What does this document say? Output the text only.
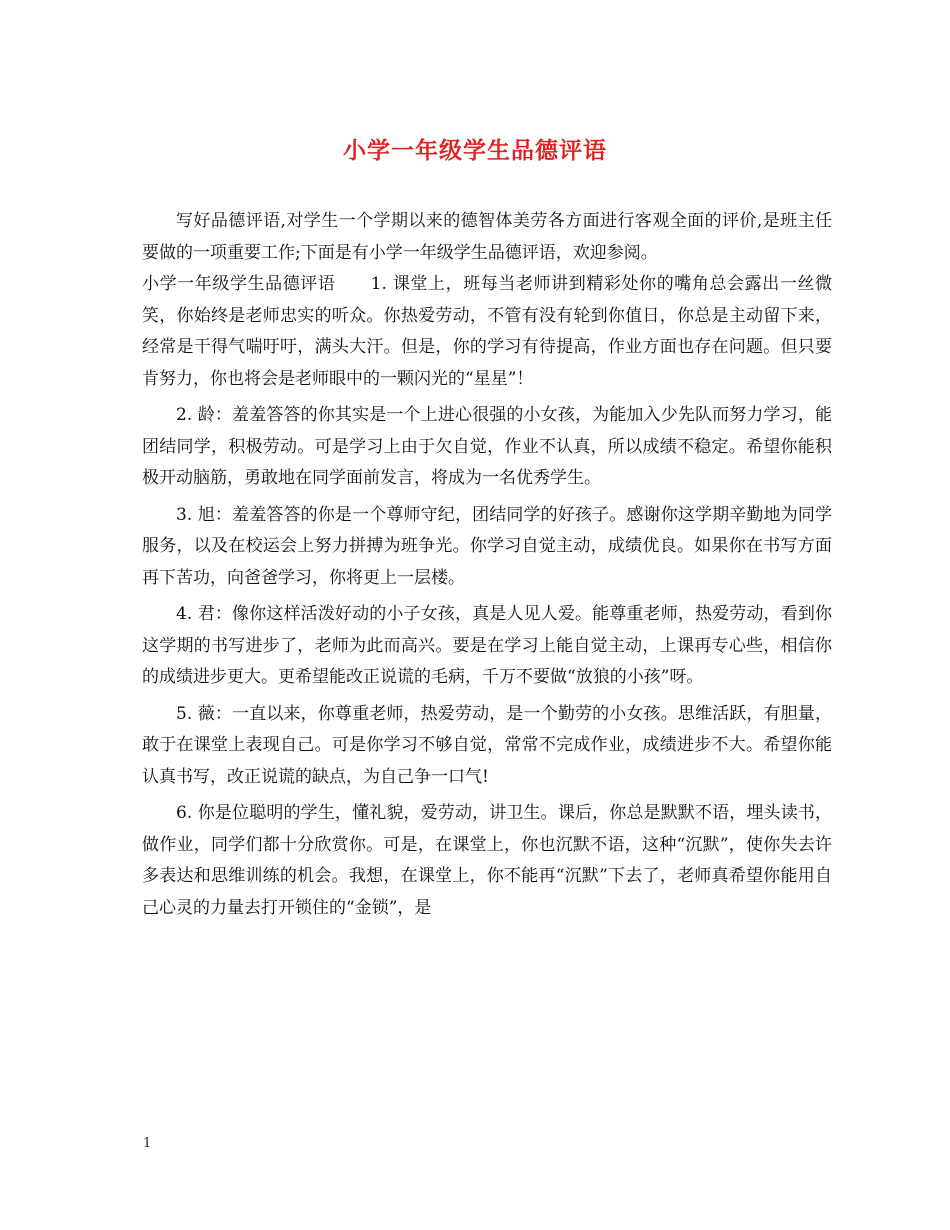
小学一年级学生品德评语

写好品德评语,对学生一个学期以来的德智体美劳各方面进行客观全面的评价,是班主任要做的一项重要工作;下面是有小学一年级学生品德评语，欢迎参阅。

小学一年级学生品德评语　　1. 课堂上，班每当老师讲到精彩处你的嘴角总会露出一丝微笑，你始终是老师忠实的听众。你热爱劳动，不管有没有轮到你值日，你总是主动留下来，经常是干得气喘吁吁，满头大汗。但是，你的学习有待提高，作业方面也存在问题。但只要肯努力，你也将会是老师眼中的一颗闪光的“星星”！

2. 龄：羞羞答答的你其实是一个上进心很强的小女孩，为能加入少先队而努力学习，能团结同学，积极劳动。可是学习上由于欠自觉，作业不认真，所以成绩不稳定。希望你能积极开动脑筋，勇敢地在同学面前发言，将成为一名优秀学生。

3. 旭：羞羞答答的你是一个尊师守纪，团结同学的好孩子。感谢你这学期辛勤地为同学服务，以及在校运会上努力拼搏为班争光。你学习自觉主动，成绩优良。如果你在书写方面再下苦功，向爸爸学习，你将更上一层楼。

4. 君：像你这样活泼好动的小子女孩，真是人见人爱。能尊重老师，热爱劳动，看到你这学期的书写进步了，老师为此而高兴。要是在学习上能自觉主动，上课再专心些，相信你的成绩进步更大。更希望能改正说谎的毛病，千万不要做“放狼的小孩”呀。

5. 薇：一直以来，你尊重老师，热爱劳动，是一个勤劳的小女孩。思维活跃，有胆量，敢于在课堂上表现自己。可是你学习不够自觉，常常不完成作业，成绩进步不大。希望你能认真书写，改正说谎的缺点，为自己争一口气!

6. 你是位聪明的学生，懂礼貌，爱劳动，讲卫生。课后，你总是默默不语，埋头读书，做作业，同学们都十分欣赏你。可是，在课堂上，你也沉默不语，这种“沉默”，使你失去许多表达和思维训练的机会。我想，在课堂上，你不能再“沉默”下去了，老师真希望你能用自己心灵的力量去打开锁住的“金锁”，是

1
